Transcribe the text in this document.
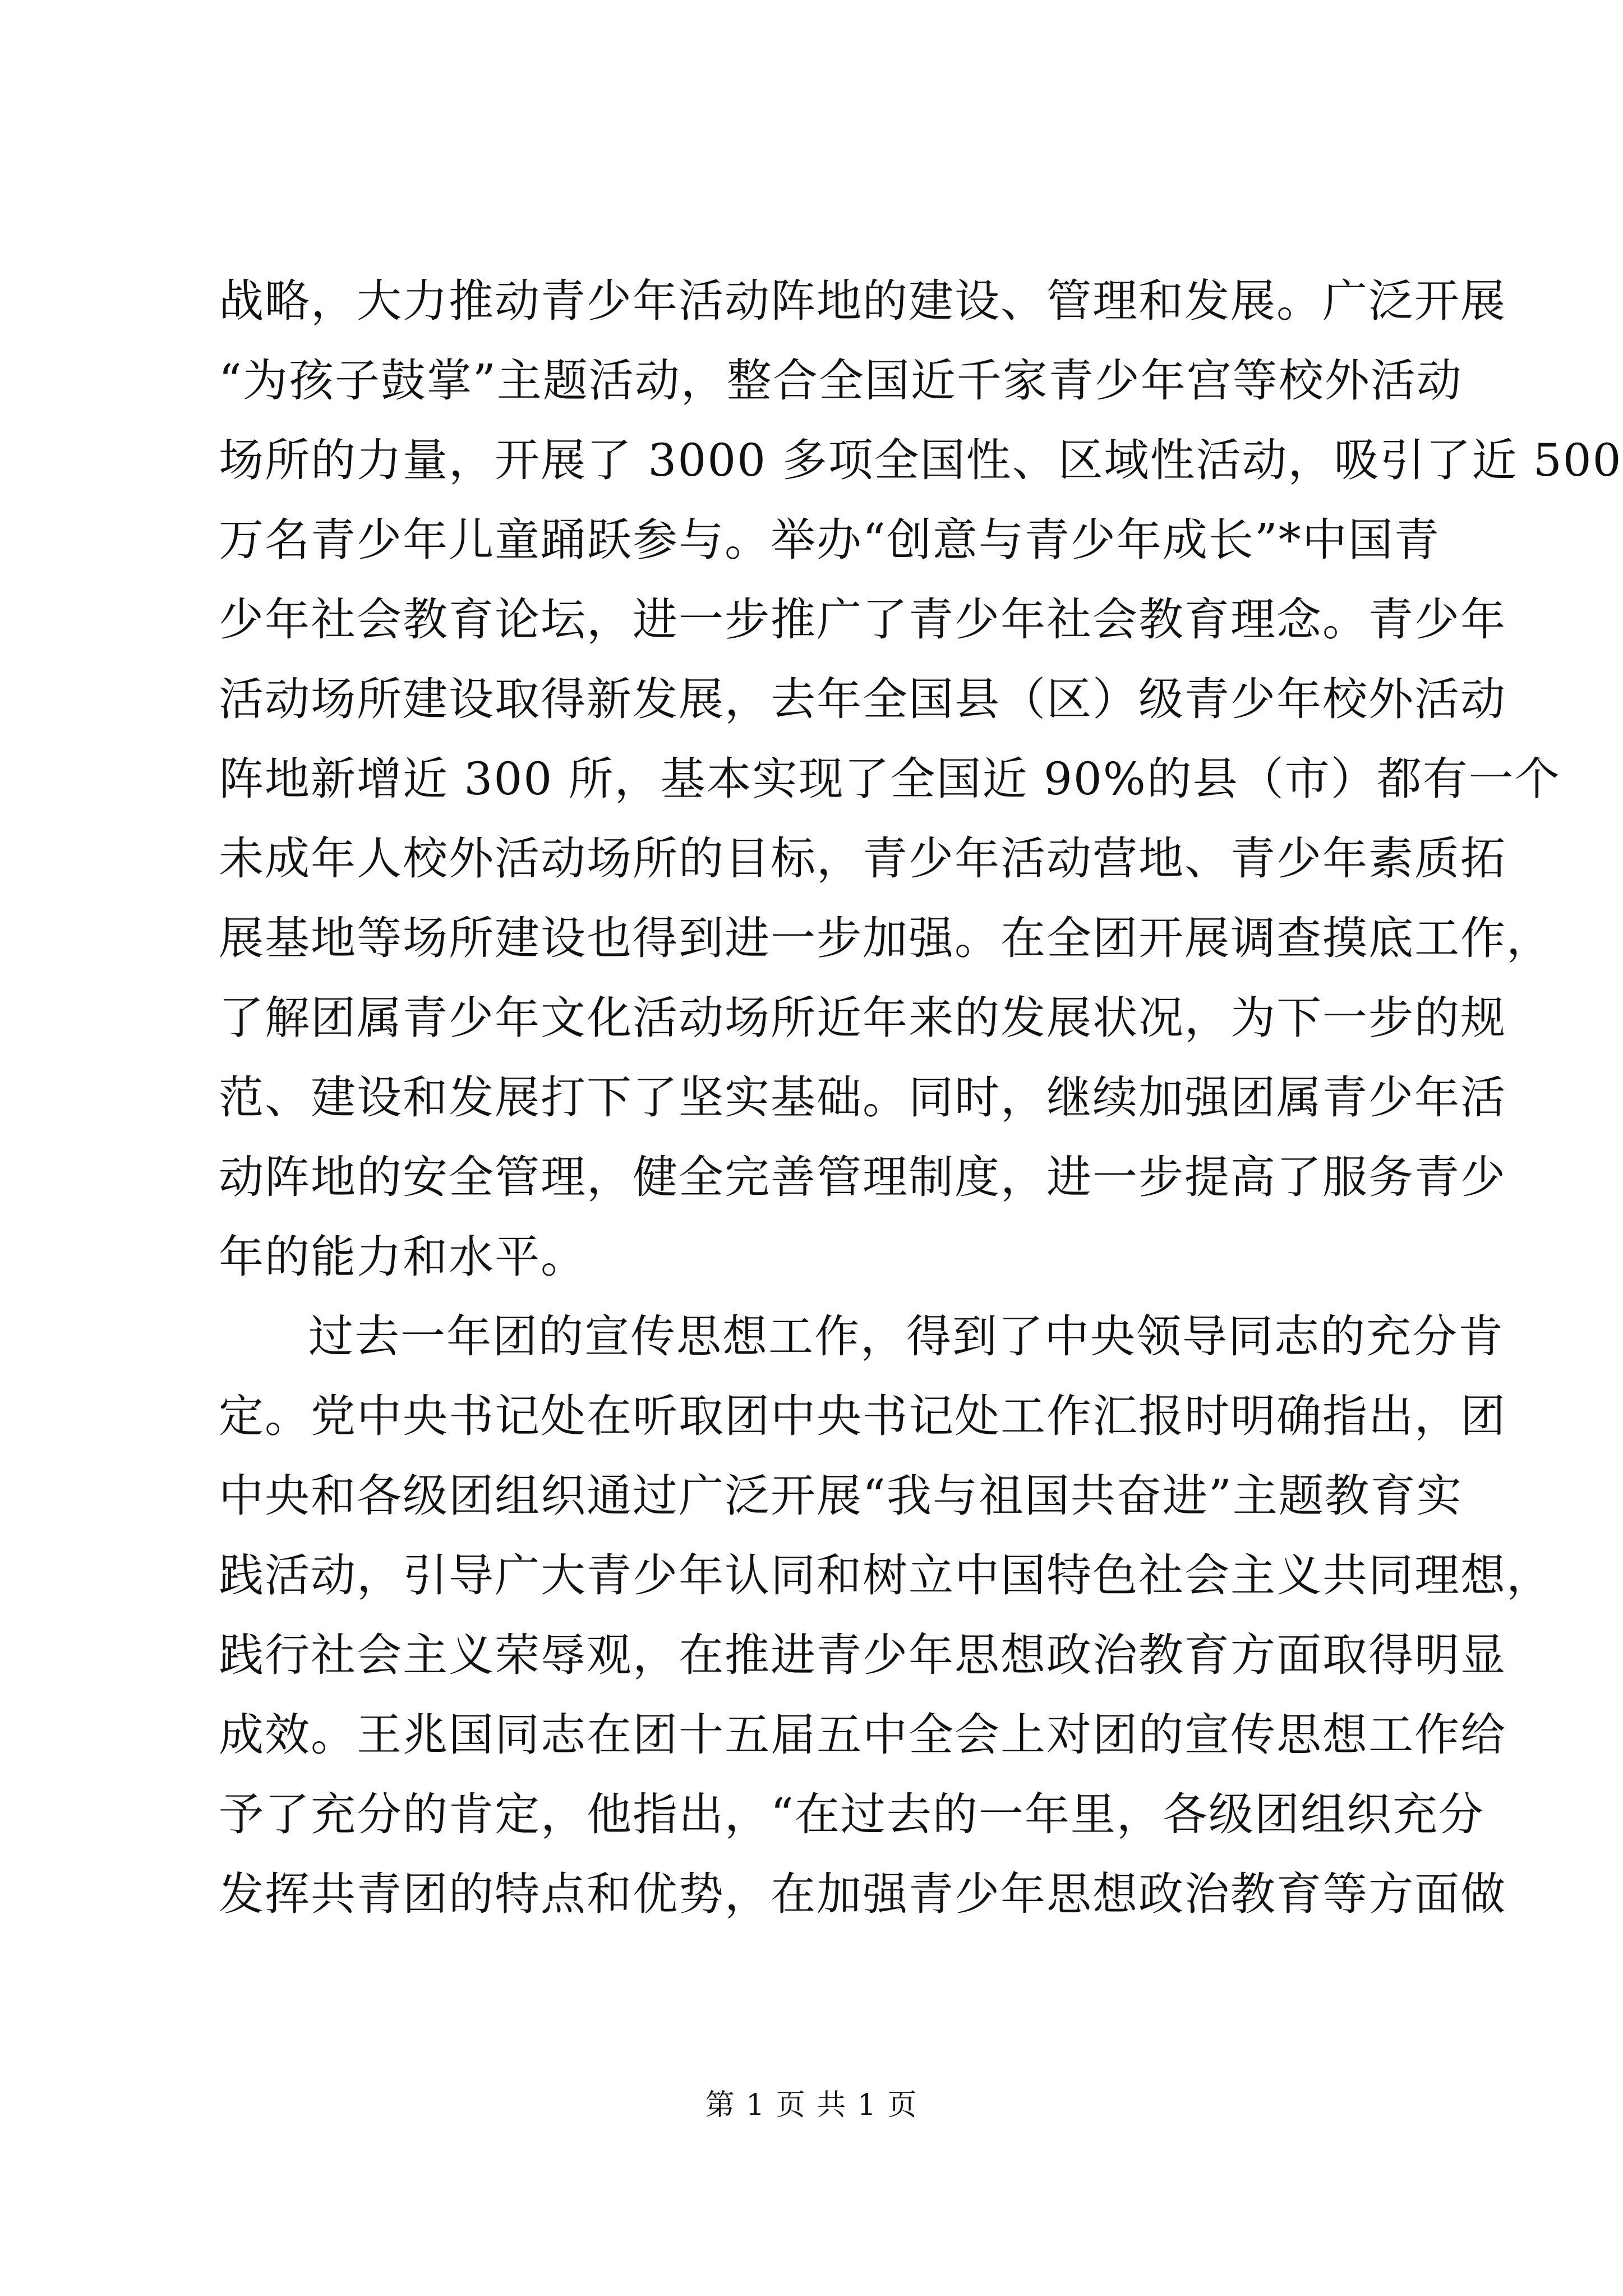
战略，大力推动青少年活动阵地的建设、管理和发展。广泛开展
“为孩子鼓掌”主题活动，整合全国近千家青少年宫等校外活动
场所的力量，开展了 3000 多项全国性、区域性活动，吸引了近 500
万名青少年儿童踊跃参与。举办“创意与青少年成长”*中国青
少年社会教育论坛，进一步推广了青少年社会教育理念。青少年
活动场所建设取得新发展，去年全国县（区）级青少年校外活动
阵地新增近 300 所，基本实现了全国近 90%的县（市）都有一个
未成年人校外活动场所的目标，青少年活动营地、青少年素质拓
展基地等场所建设也得到进一步加强。在全团开展调查摸底工作，
了解团属青少年文化活动场所近年来的发展状况，为下一步的规
范、建设和发展打下了坚实基础。同时，继续加强团属青少年活
动阵地的安全管理，健全完善管理制度，进一步提高了服务青少
年的能力和水平。
过去一年团的宣传思想工作，得到了中央领导同志的充分肯
定。党中央书记处在听取团中央书记处工作汇报时明确指出，团
中央和各级团组织通过广泛开展“我与祖国共奋进”主题教育实
践活动，引导广大青少年认同和树立中国特色社会主义共同理想，
践行社会主义荣辱观，在推进青少年思想政治教育方面取得明显
成效。王兆国同志在团十五届五中全会上对团的宣传思想工作给
予了充分的肯定，他指出，“在过去的一年里，各级团组织充分
发挥共青团的特点和优势，在加强青少年思想政治教育等方面做
第 1 页 共 1 页
